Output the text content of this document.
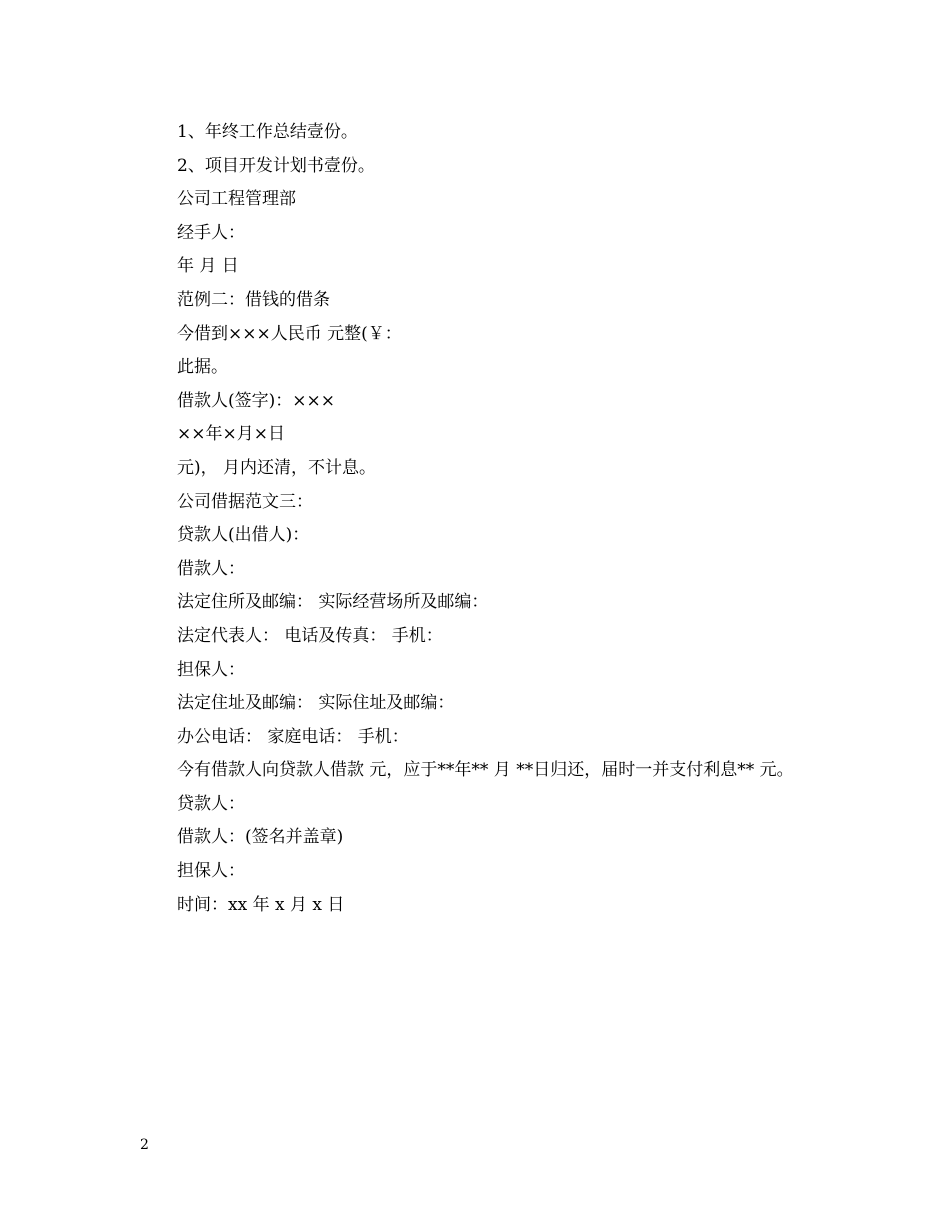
1、年终工作总结壹份。
2、项目开发计划书壹份。
公司工程管理部
经手人：
年 月 日
范例二：借钱的借条
今借到×××人民币 元整(￥：
此据。
借款人(签字)：×××
××年×月×日
元)， 月内还清，不计息。
公司借据范文三：
贷款人(出借人)：
借款人：
法定住所及邮编： 实际经营场所及邮编：
法定代表人： 电话及传真： 手机：
担保人：
法定住址及邮编： 实际住址及邮编：
办公电话： 家庭电话： 手机：
今有借款人向贷款人借款 元，应于**年** 月 **日归还，届时一并支付利息** 元。
贷款人：
借款人：(签名并盖章)
担保人：
时间：xx 年 x 月 x 日
2
